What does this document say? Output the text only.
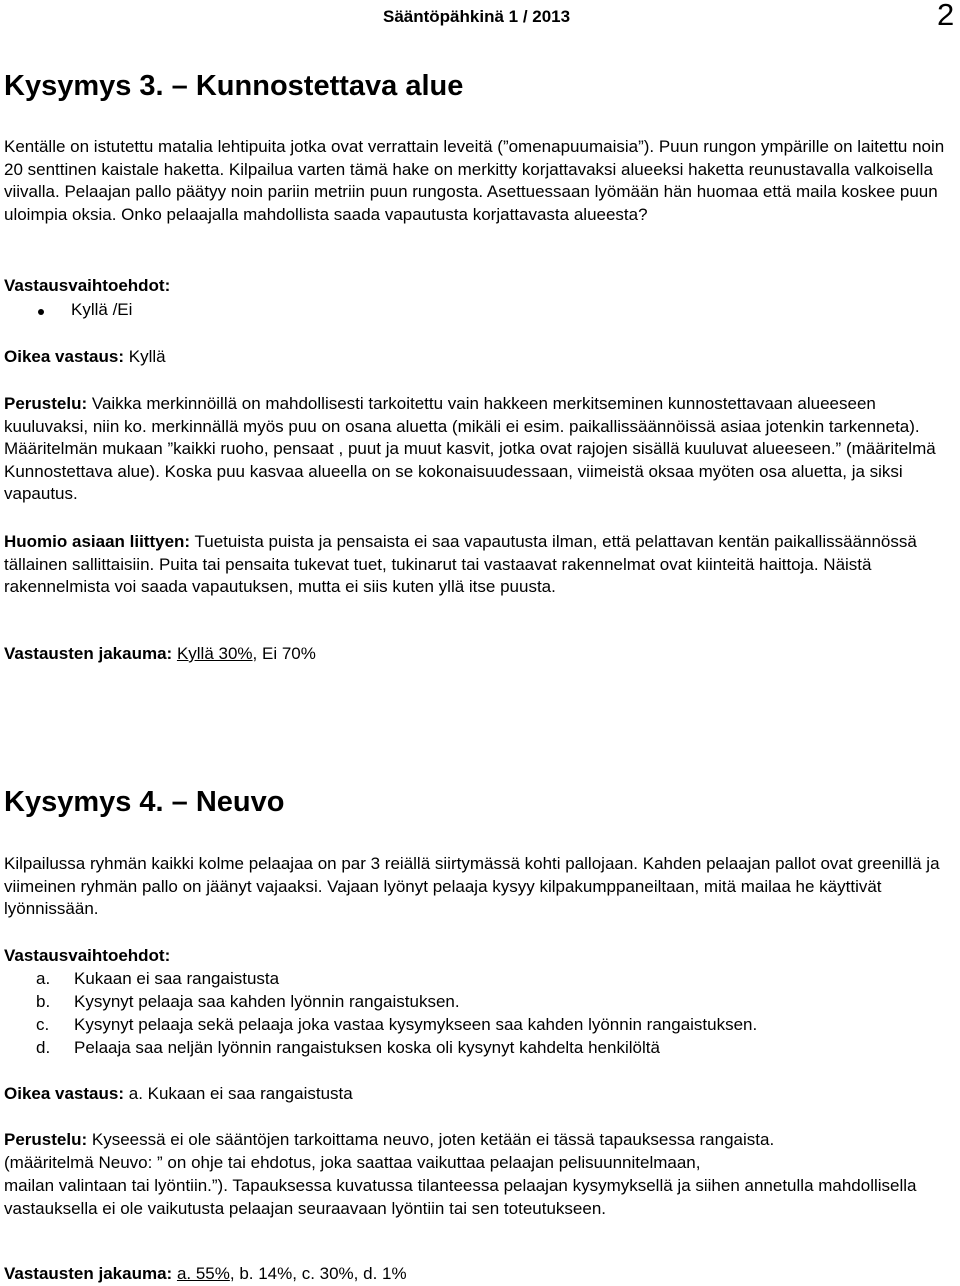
Sääntöpähkinä 1 / 2013	2
Kysymys 3. – Kunnostettava alue

Kentälle on istutettu matalia lehtipuita jotka ovat verrattain leveitä (”omenapuumaisia”). Puun rungon ympärille on laitettu noin 20 senttinen kaistale haketta. Kilpailua varten tämä hake on merkitty korjattavaksi alueeksi haketta reunustavalla valkoisella viivalla. Pelaajan pallo päätyy noin pariin metriin puun rungosta. Asettuessaan lyömään hän huomaa että maila koskee puun uloimpia oksia. Onko pelaajalla mahdollista saada vapautusta korjattavasta alueesta?

Vastausvaihtoehdot:
Kyllä /Ei
Oikea vastaus: Kyllä

Perustelu: Vaikka merkinnöillä on mahdollisesti tarkoitettu vain hakkeen merkitseminen kunnostettavaan alueeseen kuuluvaksi, niin ko. merkinnällä myös puu on osana aluetta (mikäli ei esim. paikallissäännöissä asiaa jotenkin tarkenneta). Määritelmän mukaan ”kaikki ruoho, pensaat , puut ja muut kasvit, jotka ovat rajojen sisällä kuuluvat alueeseen.” (määritelmä Kunnostettava alue). Koska puu kasvaa alueella on se kokonaisuudessaan, viimeistä oksaa myöten osa aluetta, ja siksi vapautus.

Huomio asiaan liittyen: Tuetuista puista ja pensaista ei saa vapautusta ilman, että pelattavan kentän paikallissäännössä tällainen sallittaisiin. Puita tai pensaita tukevat tuet, tukinarut tai vastaavat rakennelmat ovat kiinteitä haittoja. Näistä rakennelmista voi saada vapautuksen, mutta ei siis kuten yllä itse puusta.

Vastausten jakauma: Kyllä 30%, Ei 70%
Kysymys 4. – Neuvo

Kilpailussa ryhmän kaikki kolme pelaajaa on par 3 reiällä siirtymässä kohti pallojaan. Kahden pelaajan pallot ovat greenillä ja viimeinen ryhmän pallo on jäänyt vajaaksi. Vajaan lyönyt pelaaja kysyy kilpakumppaneiltaan, mitä mailaa he käyttivät lyönnissään.

Vastausvaihtoehdot:
a. Kukaan ei saa rangaistusta
b. Kysynyt pelaaja saa kahden lyönnin rangaistuksen.
c. Kysynyt pelaaja sekä pelaaja joka vastaa kysymykseen saa kahden lyönnin rangaistuksen.
d. Pelaaja saa neljän lyönnin rangaistuksen koska oli kysynyt kahdelta henkilöltä
Oikea vastaus: a. Kukaan ei saa rangaistusta
Perustelu: Kyseessä ei ole sääntöjen tarkoittama neuvo, joten ketään ei tässä tapauksessa rangaista.
(määritelmä Neuvo: ” on ohje tai ehdotus, joka saattaa vaikuttaa pelaajan pelisuunnitelmaan,

mailan valintaan tai lyöntiin.”). Tapauksessa kuvatussa tilanteessa pelaajan kysymyksellä ja siihen annetulla mahdollisella vastauksella ei ole vaikutusta pelaajan seuraavaan lyöntiin tai sen toteutukseen.

Vastausten jakauma: a. 55%, b. 14%, c. 30%, d. 1%
